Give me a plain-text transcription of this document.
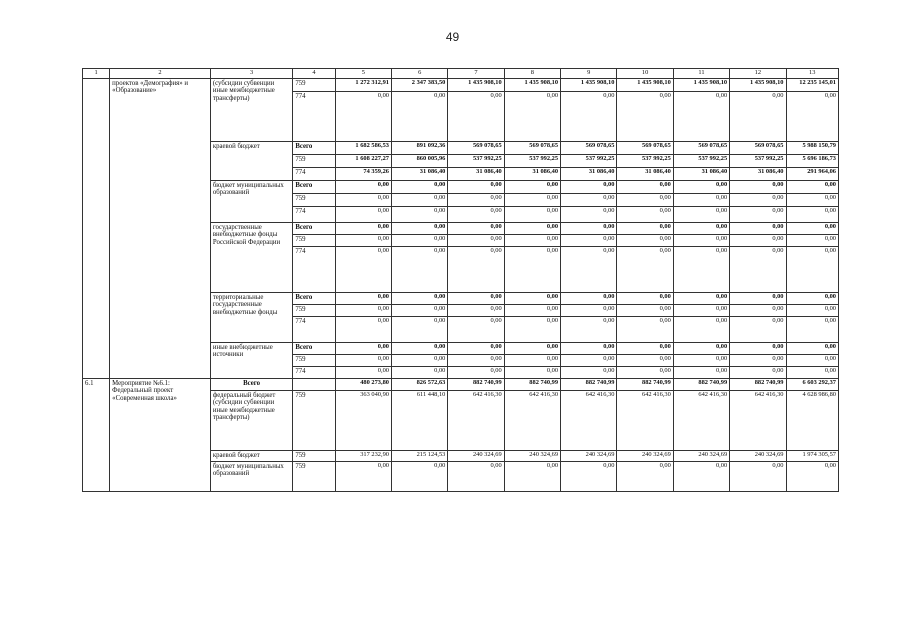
49
1	2	3	4	5	6	7	8	9	10	11	12	13
	проектов «Демография» и «Образование»	(субсидии субвенции иные межбюджетные трансферты)	759	1 272 312,91	2 347 383,50	1 435 908,10	1 435 908,10	1 435 908,10	1 435 908,10	1 435 908,10	1 435 908,10	12 235 145,01
			774	0,00	0,00	0,00	0,00	0,00	0,00	0,00	0,00	0,00
		краевой бюджет	Всего	1 682 586,53	891 092,36	569 078,65	569 078,65	569 078,65	569 078,65	569 078,65	569 078,65	5 988 150,79
			759	1 608 227,27	860 005,96	537 992,25	537 992,25	537 992,25	537 992,25	537 992,25	537 992,25	5 696 186,73
			774	74 359,26	31 086,40	31 086,40	31 086,40	31 086,40	31 086,40	31 086,40	31 086,40	291 964,06
		бюджет муниципальных образований	Всего	0,00	0,00	0,00	0,00	0,00	0,00	0,00	0,00	0,00
			759	0,00	0,00	0,00	0,00	0,00	0,00	0,00	0,00	0,00
			774	0,00	0,00	0,00	0,00	0,00	0,00	0,00	0,00	0,00
		государственные внебюджетные фонды Российской Федерации	Всего	0,00	0,00	0,00	0,00	0,00	0,00	0,00	0,00	0,00
			759	0,00	0,00	0,00	0,00	0,00	0,00	0,00	0,00	0,00
			774	0,00	0,00	0,00	0,00	0,00	0,00	0,00	0,00	0,00
		территориальные государственные внебюджетные фонды	Всего	0,00	0,00	0,00	0,00	0,00	0,00	0,00	0,00	0,00
			759	0,00	0,00	0,00	0,00	0,00	0,00	0,00	0,00	0,00
			774	0,00	0,00	0,00	0,00	0,00	0,00	0,00	0,00	0,00
		иные внебюджетные источники	Всего	0,00	0,00	0,00	0,00	0,00	0,00	0,00	0,00	0,00
			759	0,00	0,00	0,00	0,00	0,00	0,00	0,00	0,00	0,00
			774	0,00	0,00	0,00	0,00	0,00	0,00	0,00	0,00	0,00
6.1	Мероприятие №6.1: Федеральный проект «Современная школа»	Всего		480 273,80	826 572,63	882 740,99	882 740,99	882 740,99	882 740,99	882 740,99	882 740,99	6 603 292,37
		федеральный бюджет (субсидии субвенции иные межбюджетные трансферты)	759	363 040,90	611 448,10	642 416,30	642 416,30	642 416,30	642 416,30	642 416,30	642 416,30	4 628 986,80
		краевой бюджет	759	317 232,90	215 124,53	240 324,69	240 324,69	240 324,69	240 324,69	240 324,69	240 324,69	1 974 305,57
		бюджет муниципальных образований	759	0,00	0,00	0,00	0,00	0,00	0,00	0,00	0,00	0,00
